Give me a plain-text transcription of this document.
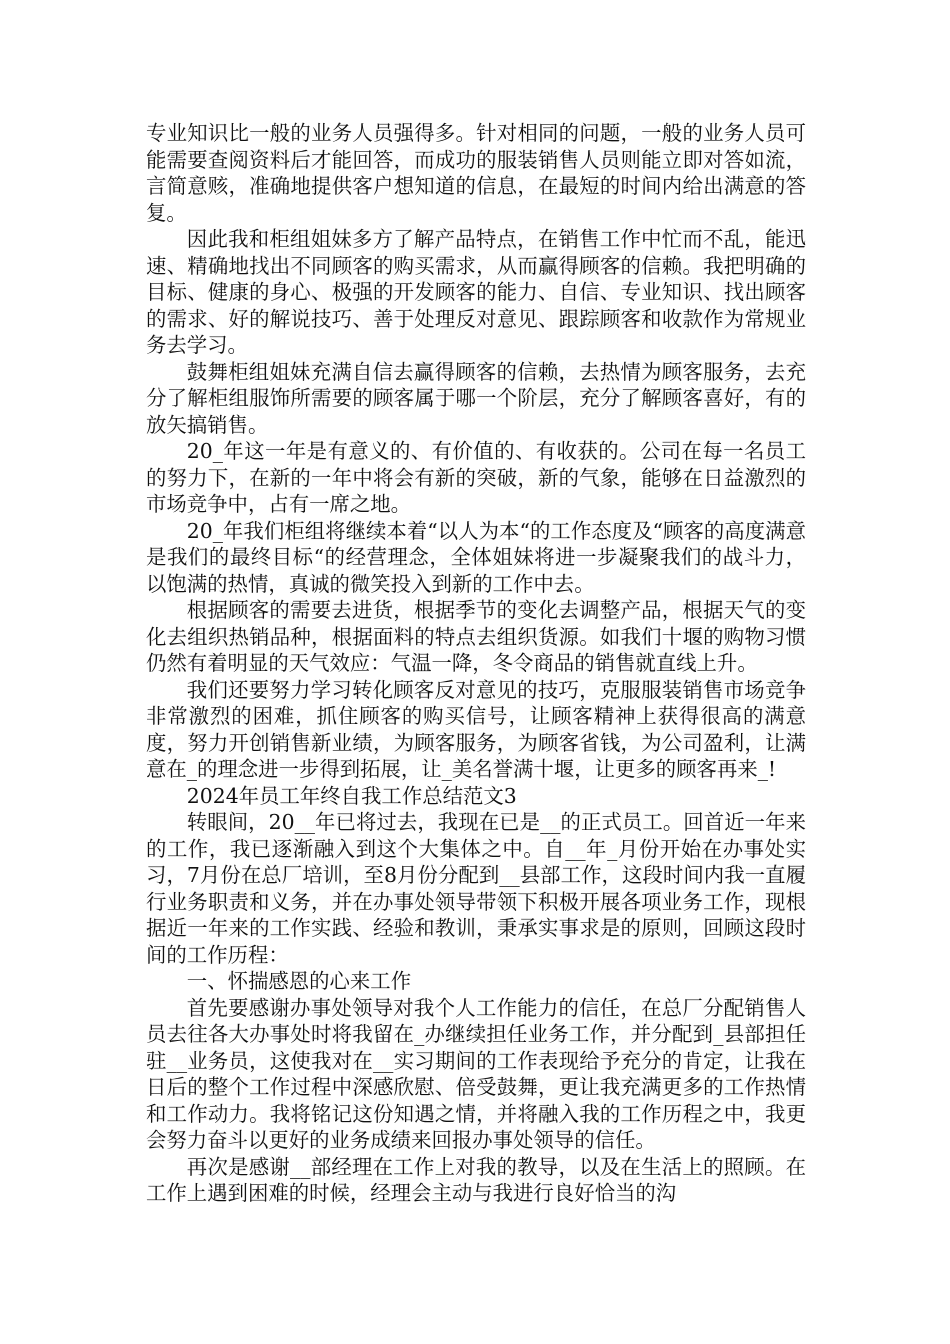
专业知识比一般的业务人员强得多。针对相同的问题，一般的业务人员可能需要查阅资料后才能回答，而成功的服装销售人员则能立即对答如流，言简意赅，准确地提供客户想知道的信息，在最短的时间内给出满意的答复。

因此我和柜组姐妹多方了解产品特点，在销售工作中忙而不乱，能迅速、精确地找出不同顾客的购买需求，从而赢得顾客的信赖。我把明确的目标、健康的身心、极强的开发顾客的能力、自信、专业知识、找出顾客的需求、好的解说技巧、善于处理反对意见、跟踪顾客和收款作为常规业务去学习。

鼓舞柜组姐妹充满自信去赢得顾客的信赖，去热情为顾客服务，去充分了解柜组服饰所需要的顾客属于哪一个阶层，充分了解顾客喜好，有的放矢搞销售。

20_年这一年是有意义的、有价值的、有收获的。公司在每一名员工的努力下，在新的一年中将会有新的突破，新的气象，能够在日益激烈的市场竞争中，占有一席之地。

20_年我们柜组将继续本着“以人为本“的工作态度及“顾客的高度满意是我们的最终目标“的经营理念，全体姐妹将进一步凝聚我们的战斗力，以饱满的热情，真诚的微笑投入到新的工作中去。

根据顾客的需要去进货，根据季节的变化去调整产品，根据天气的变化去组织热销品种，根据面料的特点去组织货源。如我们十堰的购物习惯仍然有着明显的天气效应：气温一降，冬令商品的销售就直线上升。

我们还要努力学习转化顾客反对意见的技巧，克服服装销售市场竞争非常激烈的困难，抓住顾客的购买信号，让顾客精神上获得很高的满意度，努力开创销售新业绩，为顾客服务，为顾客省钱，为公司盈利，让满意在_的理念进一步得到拓展，让_美名誉满十堰，让更多的顾客再来_!

2024年员工年终自我工作总结范文3

转眼间，20__年已将过去，我现在已是__的正式员工。回首近一年来的工作，我已逐渐融入到这个大集体之中。自__年_月份开始在办事处实习，7月份在总厂培训，至8月份分配到__县部工作，这段时间内我一直履行业务职责和义务，并在办事处领导带领下积极开展各项业务工作，现根据近一年来的工作实践、经验和教训，秉承实事求是的原则，回顾这段时间的工作历程：

一、怀揣感恩的心来工作

首先要感谢办事处领导对我个人工作能力的信任，在总厂分配销售人员去往各大办事处时将我留在_办继续担任业务工作，并分配到_县部担任驻__业务员，这使我对在__实习期间的工作表现给予充分的肯定，让我在日后的整个工作过程中深感欣慰、倍受鼓舞，更让我充满更多的工作热情和工作动力。我将铭记这份知遇之情，并将融入我的工作历程之中，我更会努力奋斗以更好的业务成绩来回报办事处领导的信任。

再次是感谢__部经理在工作上对我的教导，以及在生活上的照顾。在工作上遇到困难的时候，经理会主动与我进行良好恰当的沟
